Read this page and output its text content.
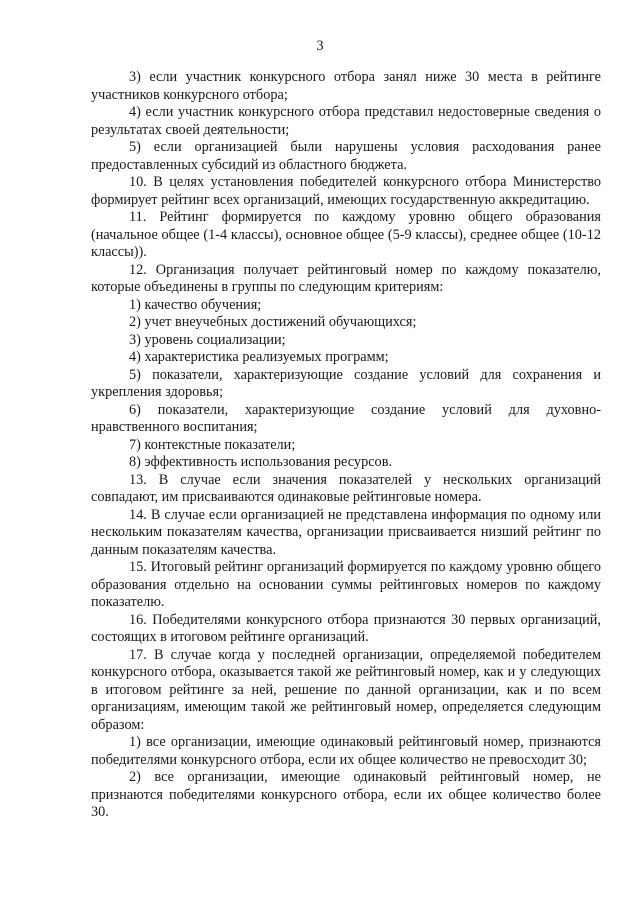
3

3) если участник конкурсного отбора занял ниже 30 места в рейтинге участников конкурсного отбора;

4) если участник конкурсного отбора представил недостоверные сведения о результатах своей деятельности;

5) если организацией были нарушены условия расходования ранее предоставленных субсидий из областного бюджета.

10. В целях установления победителей конкурсного отбора Министерство формирует рейтинг всех организаций, имеющих государственную аккредитацию.

11. Рейтинг формируется по каждому уровню общего образования (начальное общее (1-4 классы), основное общее (5-9 классы), среднее общее (10-12 классы)).

12. Организация получает рейтинговый номер по каждому показателю, которые объединены в группы по следующим критериям:

1) качество обучения;

2) учет внеучебных достижений обучающихся;

3) уровень социализации;

4) характеристика реализуемых программ;

5) показатели, характеризующие создание условий для сохранения и укрепления здоровья;

6) показатели, характеризующие создание условий для духовно-нравственного воспитания;

7) контекстные показатели;

8) эффективность использования ресурсов.

13. В случае если значения показателей у нескольких организаций совпадают, им присваиваются одинаковые рейтинговые номера.

14. В случае если организацией не представлена информация по одному или нескольким показателям качества, организации присваивается низший рейтинг по данным показателям качества.

15. Итоговый рейтинг организаций формируется по каждому уровню общего образования отдельно на основании суммы рейтинговых номеров по каждому показателю.

16. Победителями конкурсного отбора признаются 30 первых организаций, состоящих в итоговом рейтинге организаций.

17. В случае когда у последней организации, определяемой победителем конкурсного отбора, оказывается такой же рейтинговый номер, как и у следующих в итоговом рейтинге за ней, решение по данной организации, как и по всем организациям, имеющим такой же рейтинговый номер, определяется следующим образом:

1) все организации, имеющие одинаковый рейтинговый номер, признаются победителями конкурсного отбора, если их общее количество не превосходит 30;

2) все организации, имеющие одинаковый рейтинговый номер, не признаются победителями конкурсного отбора, если их общее количество более 30.
